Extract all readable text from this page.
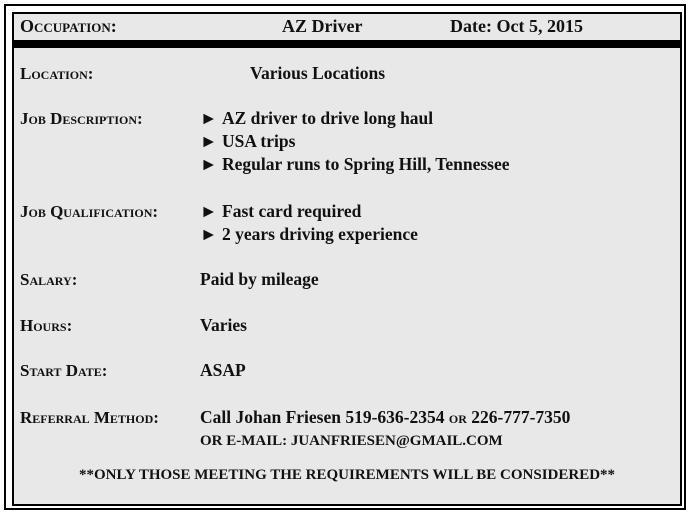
Occupation:	AZ Driver	Date: Oct 5, 2015
Location:	Various Locations
Job Description:	► AZ driver to drive long haul
► USA trips
► Regular runs to Spring Hill, Tennessee
Job Qualification: ► Fast card required
► 2 years driving experience
Salary:	Paid by mileage
Hours:	Varies
Start Date:	ASAP
Referral Method: Call Johan Friesen 519-636-2354 or 226-777-7350
OR E-MAIL: JUANFRIESEN@GMAIL.COM
**ONLY THOSE MEETING THE REQUIREMENTS WILL BE CONSIDERED**
